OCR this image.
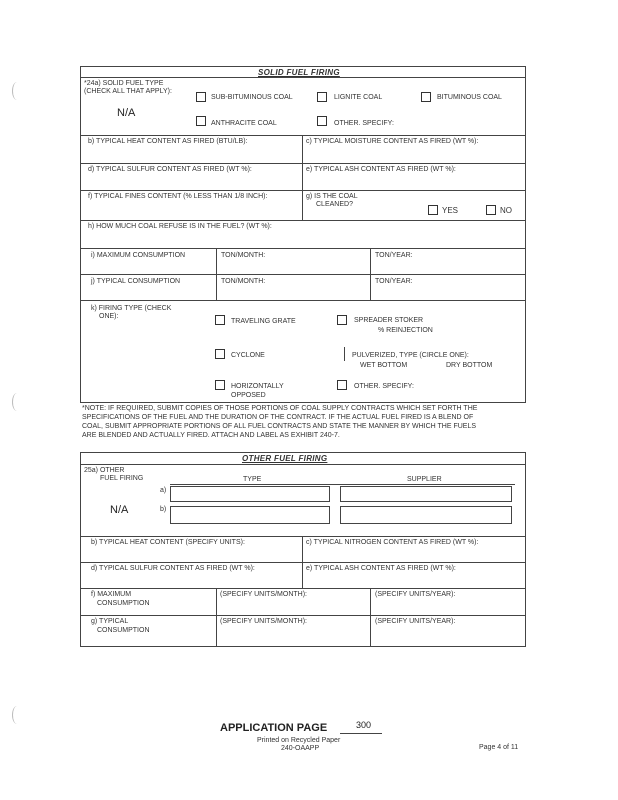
SOLID FUEL FIRING
*24a) SOLID FUEL TYPE
(CHECK ALL THAT APPLY):
N/A
SUB-BITUMINOUS COAL	LIGNITE COAL	BITUMINOUS COAL
ANTHRACITE COAL	OTHER. SPECIFY:
b) TYPICAL HEAT CONTENT AS FIRED (BTU/LB):	c) TYPICAL MOISTURE CONTENT AS FIRED (WT %):
d) TYPICAL SULFUR CONTENT AS FIRED (WT %):	e) TYPICAL ASH CONTENT AS FIRED (WT %):
f) TYPICAL FINES CONTENT (% LESS THAN 1/8 INCH):	g) IS THE COAL
CLEANED?
YES	NO
h) HOW MUCH COAL REFUSE IS IN THE FUEL? (WT %):
i) MAXIMUM CONSUMPTION	TON/MONTH:	TON/YEAR:
j) TYPICAL CONSUMPTION	TON/MONTH:	TON/YEAR:
k) FIRING TYPE (CHECK
ONE):
TRAVELING GRATE	SPREADER STOKER
% REINJECTION
CYCLONE	PULVERIZED, TYPE (CIRCLE ONE):
WET BOTTOM	DRY BOTTOM
HORIZONTALLY
OPPOSED
OTHER. SPECIFY:
*NOTE: IF REQUIRED, SUBMIT COPIES OF THOSE PORTIONS OF COAL SUPPLY CONTRACTS WHICH SET FORTH THE
SPECIFICATIONS OF THE FUEL AND THE DURATION OF THE CONTRACT. IF THE ACTUAL FUEL FIRED IS A BLEND OF
COAL, SUBMIT APPROPRIATE PORTIONS OF ALL FUEL CONTRACTS AND STATE THE MANNER BY WHICH THE FUELS
ARE BLENDED AND ACTUALLY FIRED. ATTACH AND LABEL AS EXHIBIT 240-7.
OTHER FUEL FIRING
25a) OTHER
FUEL FIRING	TYPE	SUPPLIER
a)
b)
N/A
b) TYPICAL HEAT CONTENT (SPECIFY UNITS):	c) TYPICAL NITROGEN CONTENT AS FIRED (WT %):
d) TYPICAL SULFUR CONTENT AS FIRED (WT %):	e) TYPICAL ASH CONTENT AS FIRED (WT %):
f) MAXIMUM
CONSUMPTION
(SPECIFY UNITS/MONTH):	(SPECIFY UNITS/YEAR):
g) TYPICAL
CONSUMPTION
(SPECIFY UNITS/MONTH):	(SPECIFY UNITS/YEAR):
APPLICATION PAGE	300
Printed on Recycled Paper
240-OAAPP	Page 4 of 11
